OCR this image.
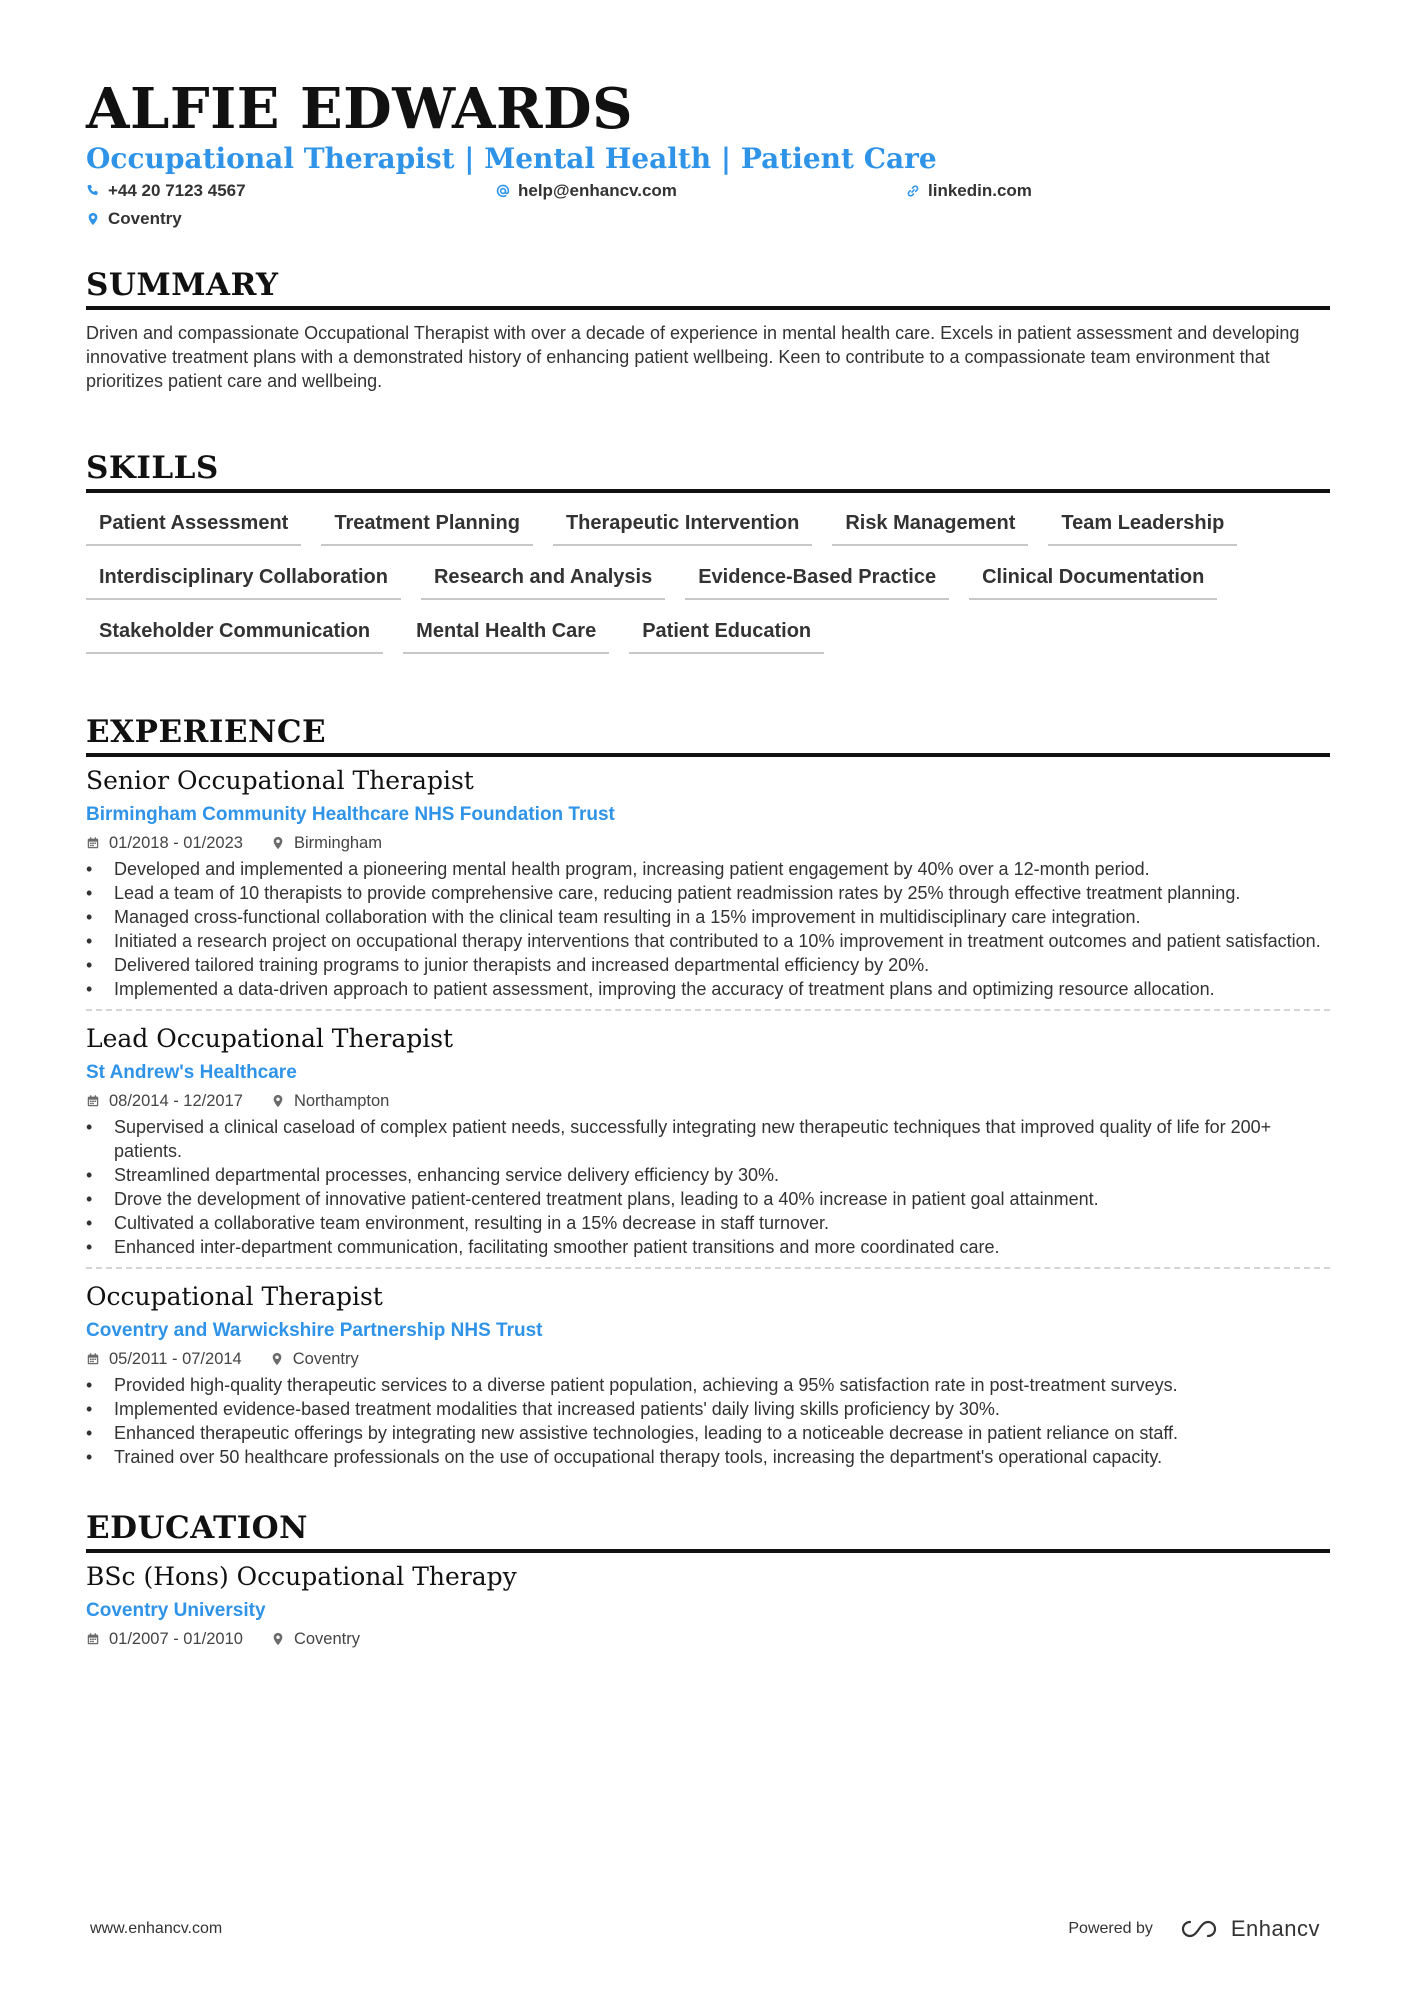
ALFIE EDWARDS
Occupational Therapist | Mental Health | Patient Care
+44 20 7123 4567	help@enhancv.com	linkedin.com
Coventry
SUMMARY

Driven and compassionate Occupational Therapist with over a decade of experience in mental health care. Excels in patient assessment and developing innovative treatment plans with a demonstrated history of enhancing patient wellbeing. Keen to contribute to a compassionate team environment that prioritizes patient care and wellbeing.

SKILLS
Patient Assessment	Treatment Planning	Therapeutic Intervention	Risk Management	Team Leadership
Interdisciplinary Collaboration	Research and Analysis	Evidence-Based Practice	Clinical Documentation
Stakeholder Communication	Mental Health Care	Patient Education
EXPERIENCE
Senior Occupational Therapist
Birmingham Community Healthcare NHS Foundation Trust
01/2018 - 01/2023	Birmingham
• Developed and implemented a pioneering mental health program, increasing patient engagement by 40% over a 12-month period.
• Lead a team of 10 therapists to provide comprehensive care, reducing patient readmission rates by 25% through effective treatment planning.
• Managed cross-functional collaboration with the clinical team resulting in a 15% improvement in multidisciplinary care integration.
• Initiated a research project on occupational therapy interventions that contributed to a 10% improvement in treatment outcomes and patient satisfaction.
• Delivered tailored training programs to junior therapists and increased departmental efficiency by 20%.
• Implemented a data-driven approach to patient assessment, improving the accuracy of treatment plans and optimizing resource allocation.
Lead Occupational Therapist
St Andrew's Healthcare
08/2014 - 12/2017	Northampton
• Supervised a clinical caseload of complex patient needs, successfully integrating new therapeutic techniques that improved quality of life for 200+ patients.
• Streamlined departmental processes, enhancing service delivery efficiency by 30%.
• Drove the development of innovative patient-centered treatment plans, leading to a 40% increase in patient goal attainment.
• Cultivated a collaborative team environment, resulting in a 15% decrease in staff turnover.
• Enhanced inter-department communication, facilitating smoother patient transitions and more coordinated care.
Occupational Therapist
Coventry and Warwickshire Partnership NHS Trust
05/2011 - 07/2014	Coventry
• Provided high-quality therapeutic services to a diverse patient population, achieving a 95% satisfaction rate in post-treatment surveys.
• Implemented evidence-based treatment modalities that increased patients' daily living skills proficiency by 30%.
• Enhanced therapeutic offerings by integrating new assistive technologies, leading to a noticeable decrease in patient reliance on staff.
• Trained over 50 healthcare professionals on the use of occupational therapy tools, increasing the department's operational capacity.
EDUCATION
BSc (Hons) Occupational Therapy
Coventry University
01/2007 - 01/2010	Coventry
www.enhancv.com	Powered by	Enhancv
